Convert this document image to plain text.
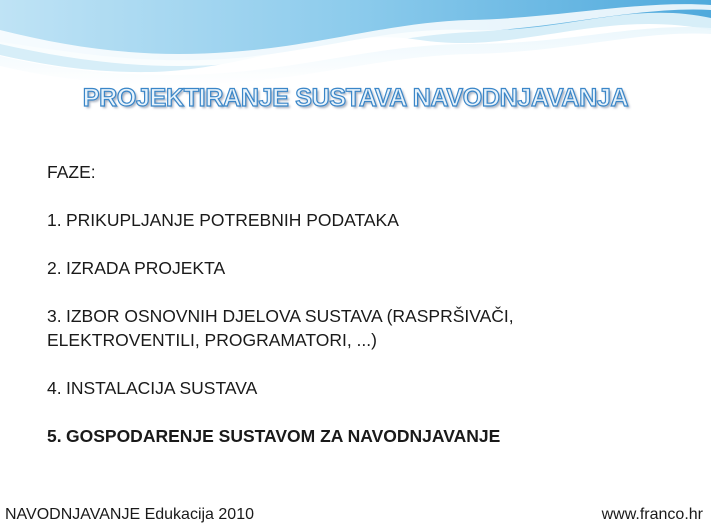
PROJEKTIRANJE SUSTAVA NAVODNJAVANJA

FAZE:

1. PRIKUPLJANJE POTREBNIH PODATAKA

2. IZRADA PROJEKTA

3. IZBOR OSNOVNIH DJELOVA SUSTAVA (RASPRŠIVAČI,

ELEKTROVENTILI, PROGRAMATORI, ...)

4. INSTALACIJA SUSTAVA

5. GOSPODARENJE SUSTAVOM ZA NAVODNJAVANJE

NAVODNJAVANJE Edukacija 2010	www.franco.hr
